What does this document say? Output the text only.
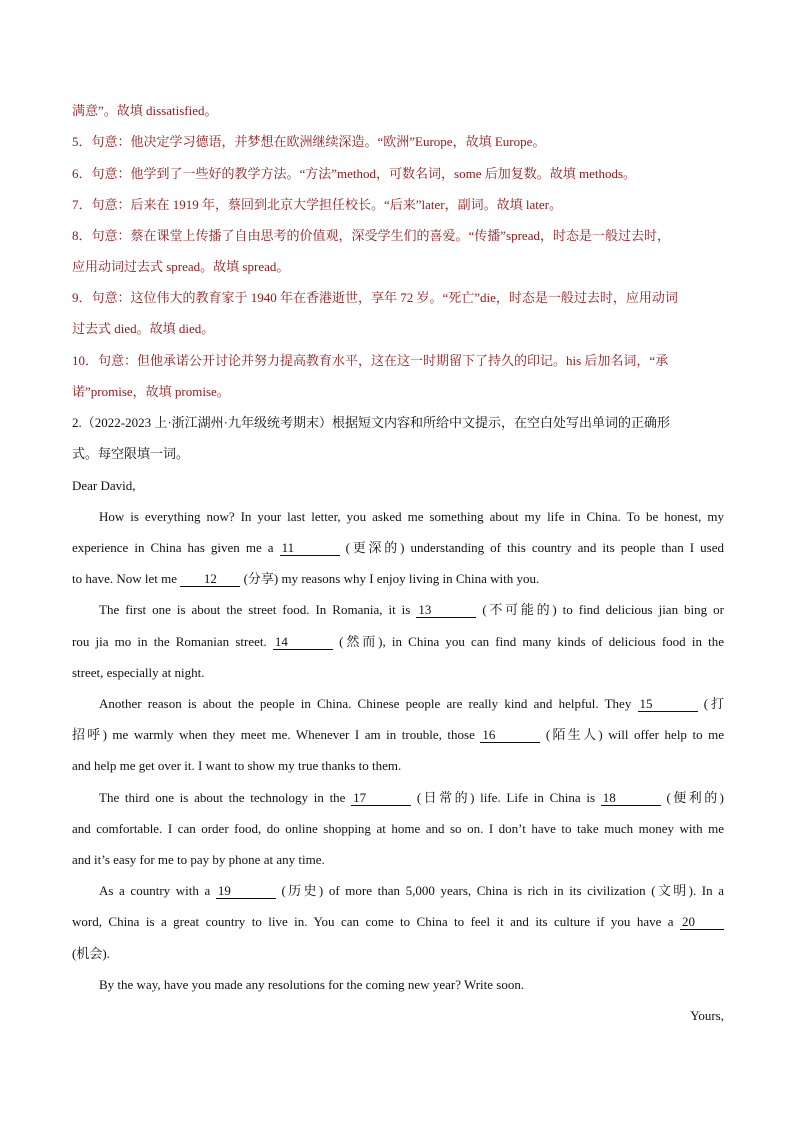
满意”。故填 dissatisfied。
5．句意：他决定学习德语，并梦想在欧洲继续深造。“欧洲”Europe，故填 Europe。
6．句意：他学到了一些好的教学方法。“方法”method，可数名词，some 后加复数。故填 methods。
7．句意：后来在 1919 年，蔡回到北京大学担任校长。“后来”later，副词。故填 later。
8．句意：蔡在课堂上传播了自由思考的价值观，深受学生们的喜爱。“传播”spread，时态是一般过去时，
应用动词过去式 spread。故填 spread。
9．句意：这位伟大的教育家于 1940 年在香港逝世，享年 72 岁。“死亡”die，时态是一般过去时，应用动词
过去式 died。故填 died。
10．句意：但他承诺公开讨论并努力提高教育水平，这在这一时期留下了持久的印记。his 后加名词，“承
诺”promise，故填 promise。
2.（2022-2023 上·浙江湖州·九年级统考期末）根据短文内容和所给中文提示，在空白处写出单词的正确形
式。每空限填一词。
Dear David,
How is everything now? In your last letter, you asked me something about my life in China. To be honest, my
experience in China has given me a 11	(更深的) understanding of this country and its people than I used
to have. Now let me 12 (分享) my reasons why I enjoy living in China with you.
The first one is about the street food. In Romania, it is 13	(不可能的) to find delicious jian bing or
rou jia mo in the Romanian street. 14	(然而), in China you can find many kinds of delicious food in the
street, especially at night.
Another reason is about the people in China. Chinese people are really kind and helpful. They 15	(打
招呼) me warmly when they meet me. Whenever I am in trouble, those 16	(陌生人) will offer help to me
and help me get over it. I want to show my true thanks to them.
The third one is about the technology in the 17	(日常的) life. Life in China is 18	(便利的)
and comfortable. I can order food, do online shopping at home and so on. I don’t have to take much money with me
and it’s easy for me to pay by phone at any time.
As a country with a 19	(历史) of more than 5,000 years, China is rich in its civilization (文明). In a
word, China is a great country to live in. You can come to China to feel it and its culture if you have a 20
(机会).
By the way, have you made any resolutions for the coming new year? Write soon.
Yours,
